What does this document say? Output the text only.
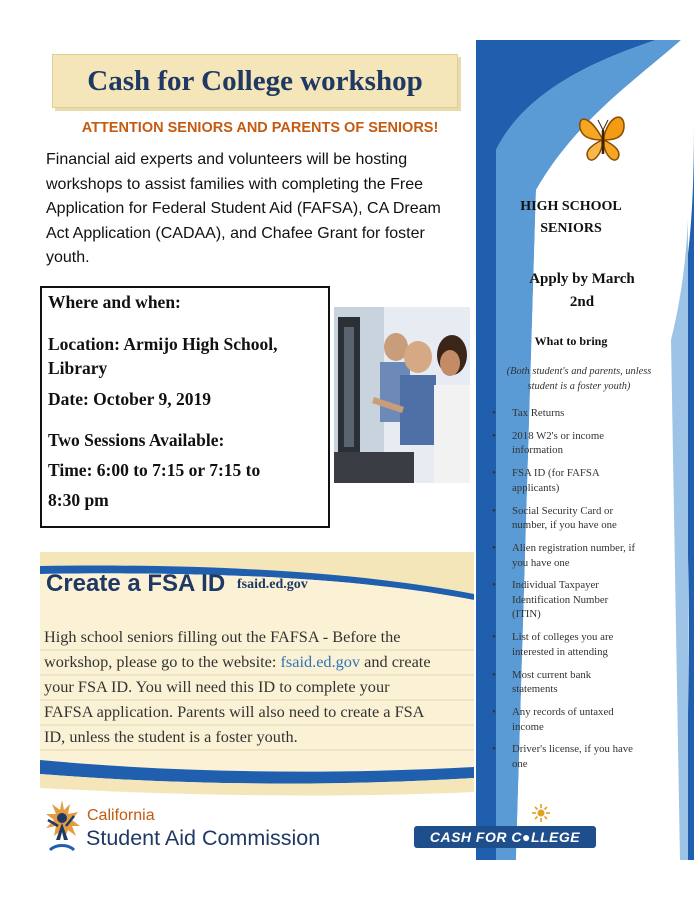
Cash for College workshop
ATTENTION SENIORS AND PARENTS OF SENIORS!
Financial aid experts and volunteers will be hosting
workshops to assist families with completing the Free
Application for Federal Student Aid (FAFSA), CA Dream
Act Application (CADAA), and Chafee Grant for foster
youth.
Where and when:
Location: Armijo High School,
Library
Date: October 9, 2019
Two Sessions Available:
Time: 6:00 to 7:15 or 7:15 to
8:30 pm
Create a FSA ID fsaid.ed.gov
High school seniors filling out the FAFSA - Before the
workshop, please go to the website: fsaid.ed.gov and create
your FSA ID. You will need this ID to complete your
FAFSA application. Parents will also need to create a FSA
ID, unless the student is a foster youth.
HIGH SCHOOL
SENIORS
Apply by March
2nd
What to bring
(Both student's and parents, unless
student is a foster youth)
• Tax Returns
• 2018 W2's or income
information
• FSA ID (for FAFSA
applicants)
• Social Security Card or
number, if you have one
• Alien registration number, if
you have one
• Individual Taxpayer
Identification Number
(ITIN)
• List of colleges you are
interested in attending
• Most current bank
statements
• Any records of untaxed
income
• Driver's license, if you have
one
California
Student Aid Commission	CASH FOR C●LLEGE
